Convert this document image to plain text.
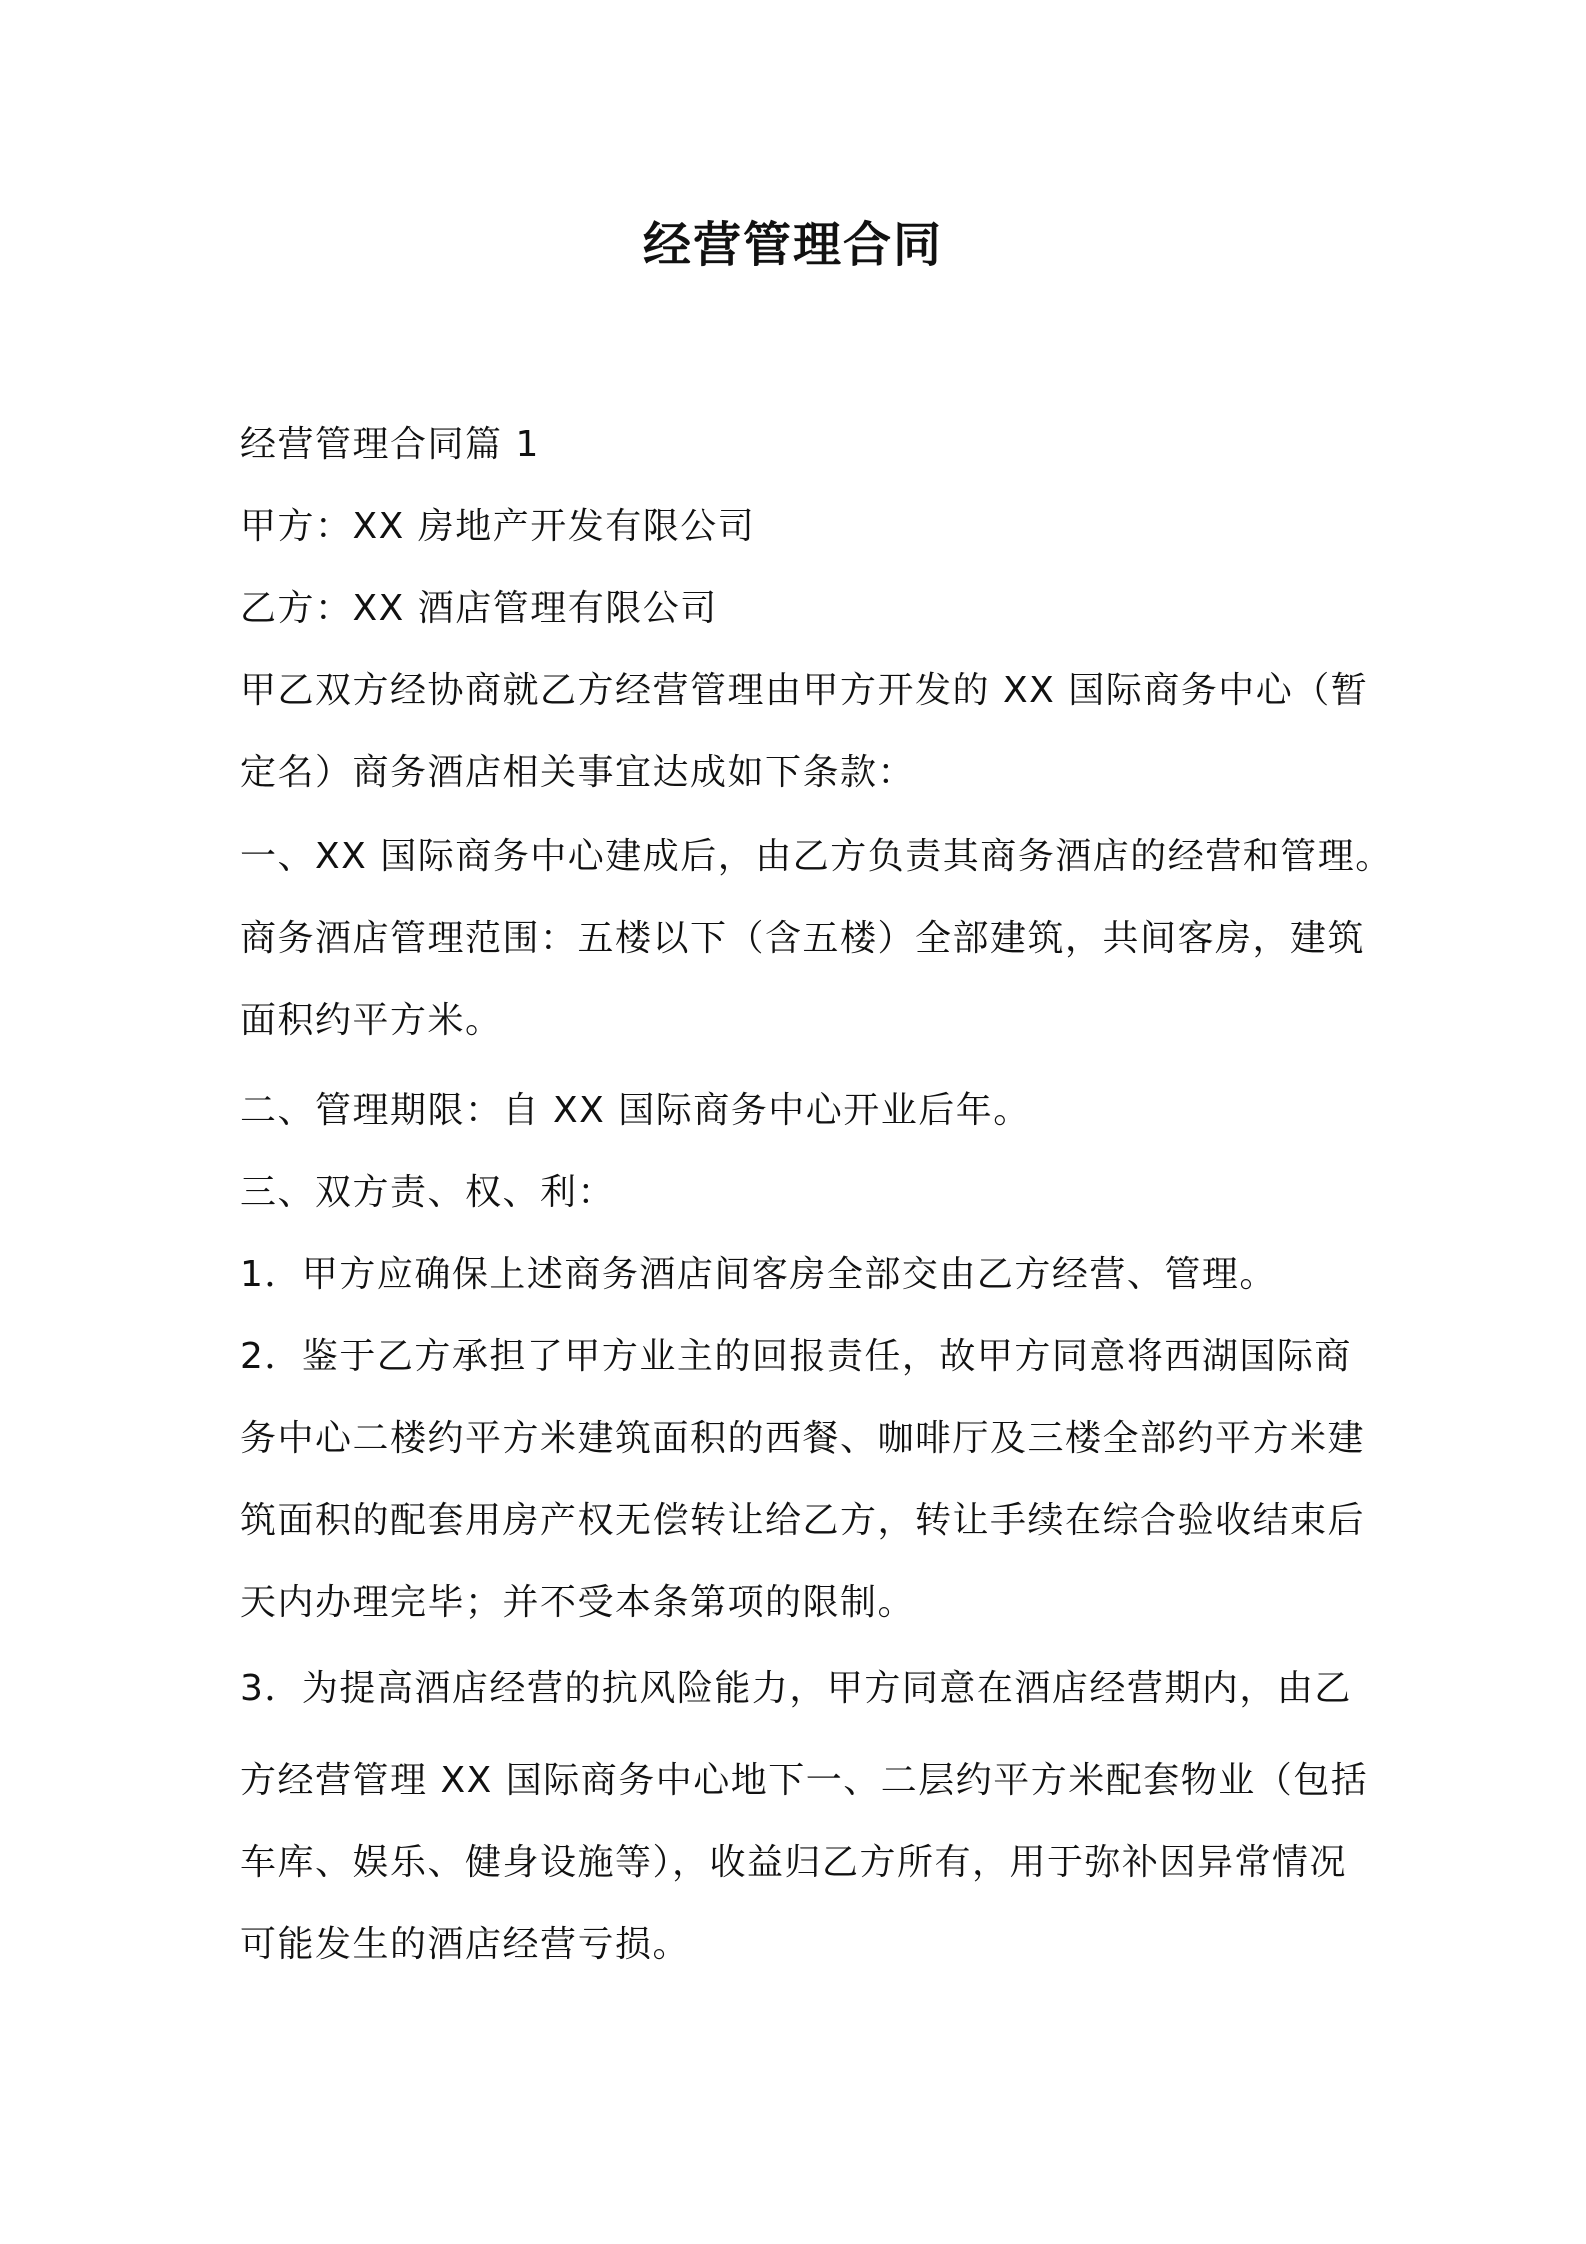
经营管理合同
经营管理合同篇 1
甲方：XX 房地产开发有限公司
乙方：XX 酒店管理有限公司
甲乙双方经协商就乙方经营管理由甲方开发的 XX 国际商务中心（暂
定名）商务酒店相关事宜达成如下条款：
一、XX 国际商务中心建成后，由乙方负责其商务酒店的经营和管理。
商务酒店管理范围：五楼以下（含五楼）全部建筑，共间客房，建筑
面积约平方米。
二、管理期限：自 XX 国际商务中心开业后年。
三、双方责、权、利：
1．甲方应确保上述商务酒店间客房全部交由乙方经营、管理。
2．鉴于乙方承担了甲方业主的回报责任，故甲方同意将西湖国际商
务中心二楼约平方米建筑面积的西餐、咖啡厅及三楼全部约平方米建
筑面积的配套用房产权无偿转让给乙方，转让手续在综合验收结束后
天内办理完毕；并不受本条第项的限制。
3．为提高酒店经营的抗风险能力，甲方同意在酒店经营期内，由乙
方经营管理 XX 国际商务中心地下一、二层约平方米配套物业（包括
车库、娱乐、健身设施等），收益归乙方所有，用于弥补因异常情况
可能发生的酒店经营亏损。
